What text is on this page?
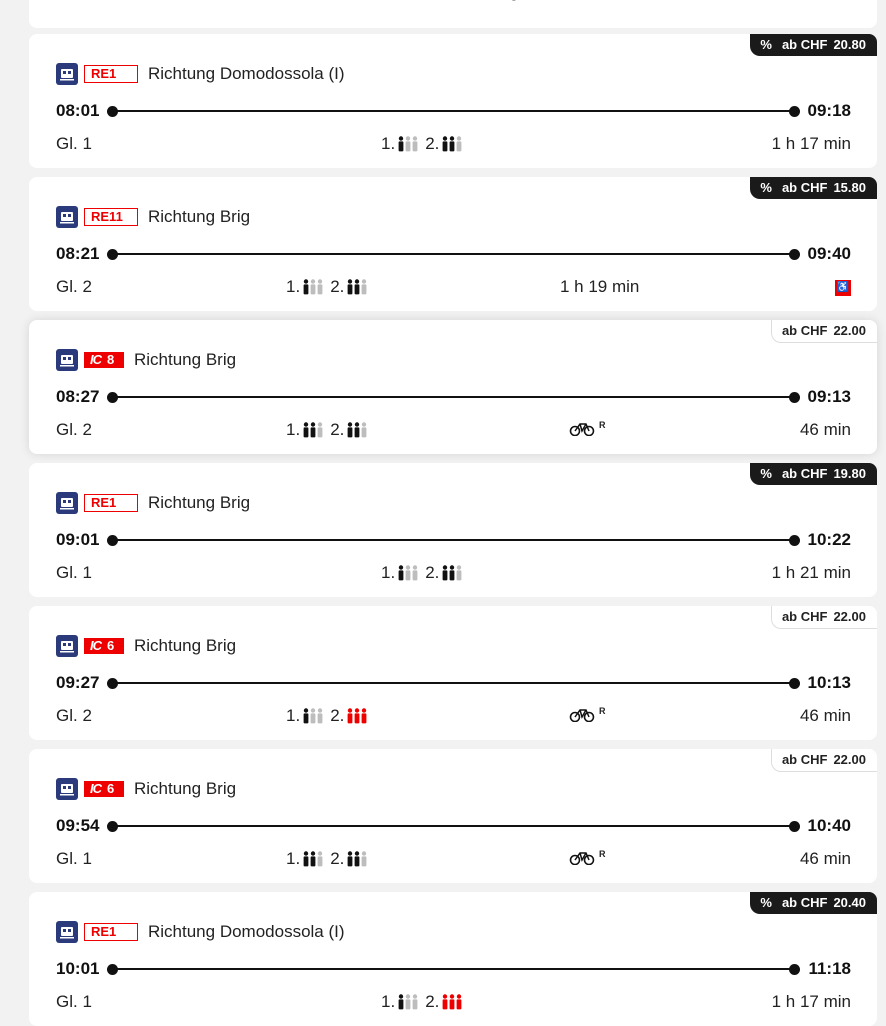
% ab CHF 20.80
RE1 Richtung Domodossola (I)
08:01	09:18
Gl. 1	1. 2.	1 h 17 min
% ab CHF 15.80
RE11 Richtung Brig
08:21	09:40
Gl. 2	1. 2.	1 h 19 min	♿
ab CHF 22.00
IC 8 Richtung Brig
08:27	09:13
Gl. 2	1. 2.	$^R$	46 min
% ab CHF 19.80
RE1 Richtung Brig
09:01	10:22
Gl. 1	1. 2.	1 h 21 min
ab CHF 22.00
IC 6 Richtung Brig
09:27	10:13
Gl. 2	1. 2.	$^R$	46 min
ab CHF 22.00
IC 6 Richtung Brig
09:54	10:40
Gl. 1	1. 2.	$^R$	46 min
% ab CHF 20.40
RE1 Richtung Domodossola (I)
10:01	11:18
Gl. 1	1. 2.	1 h 17 min
